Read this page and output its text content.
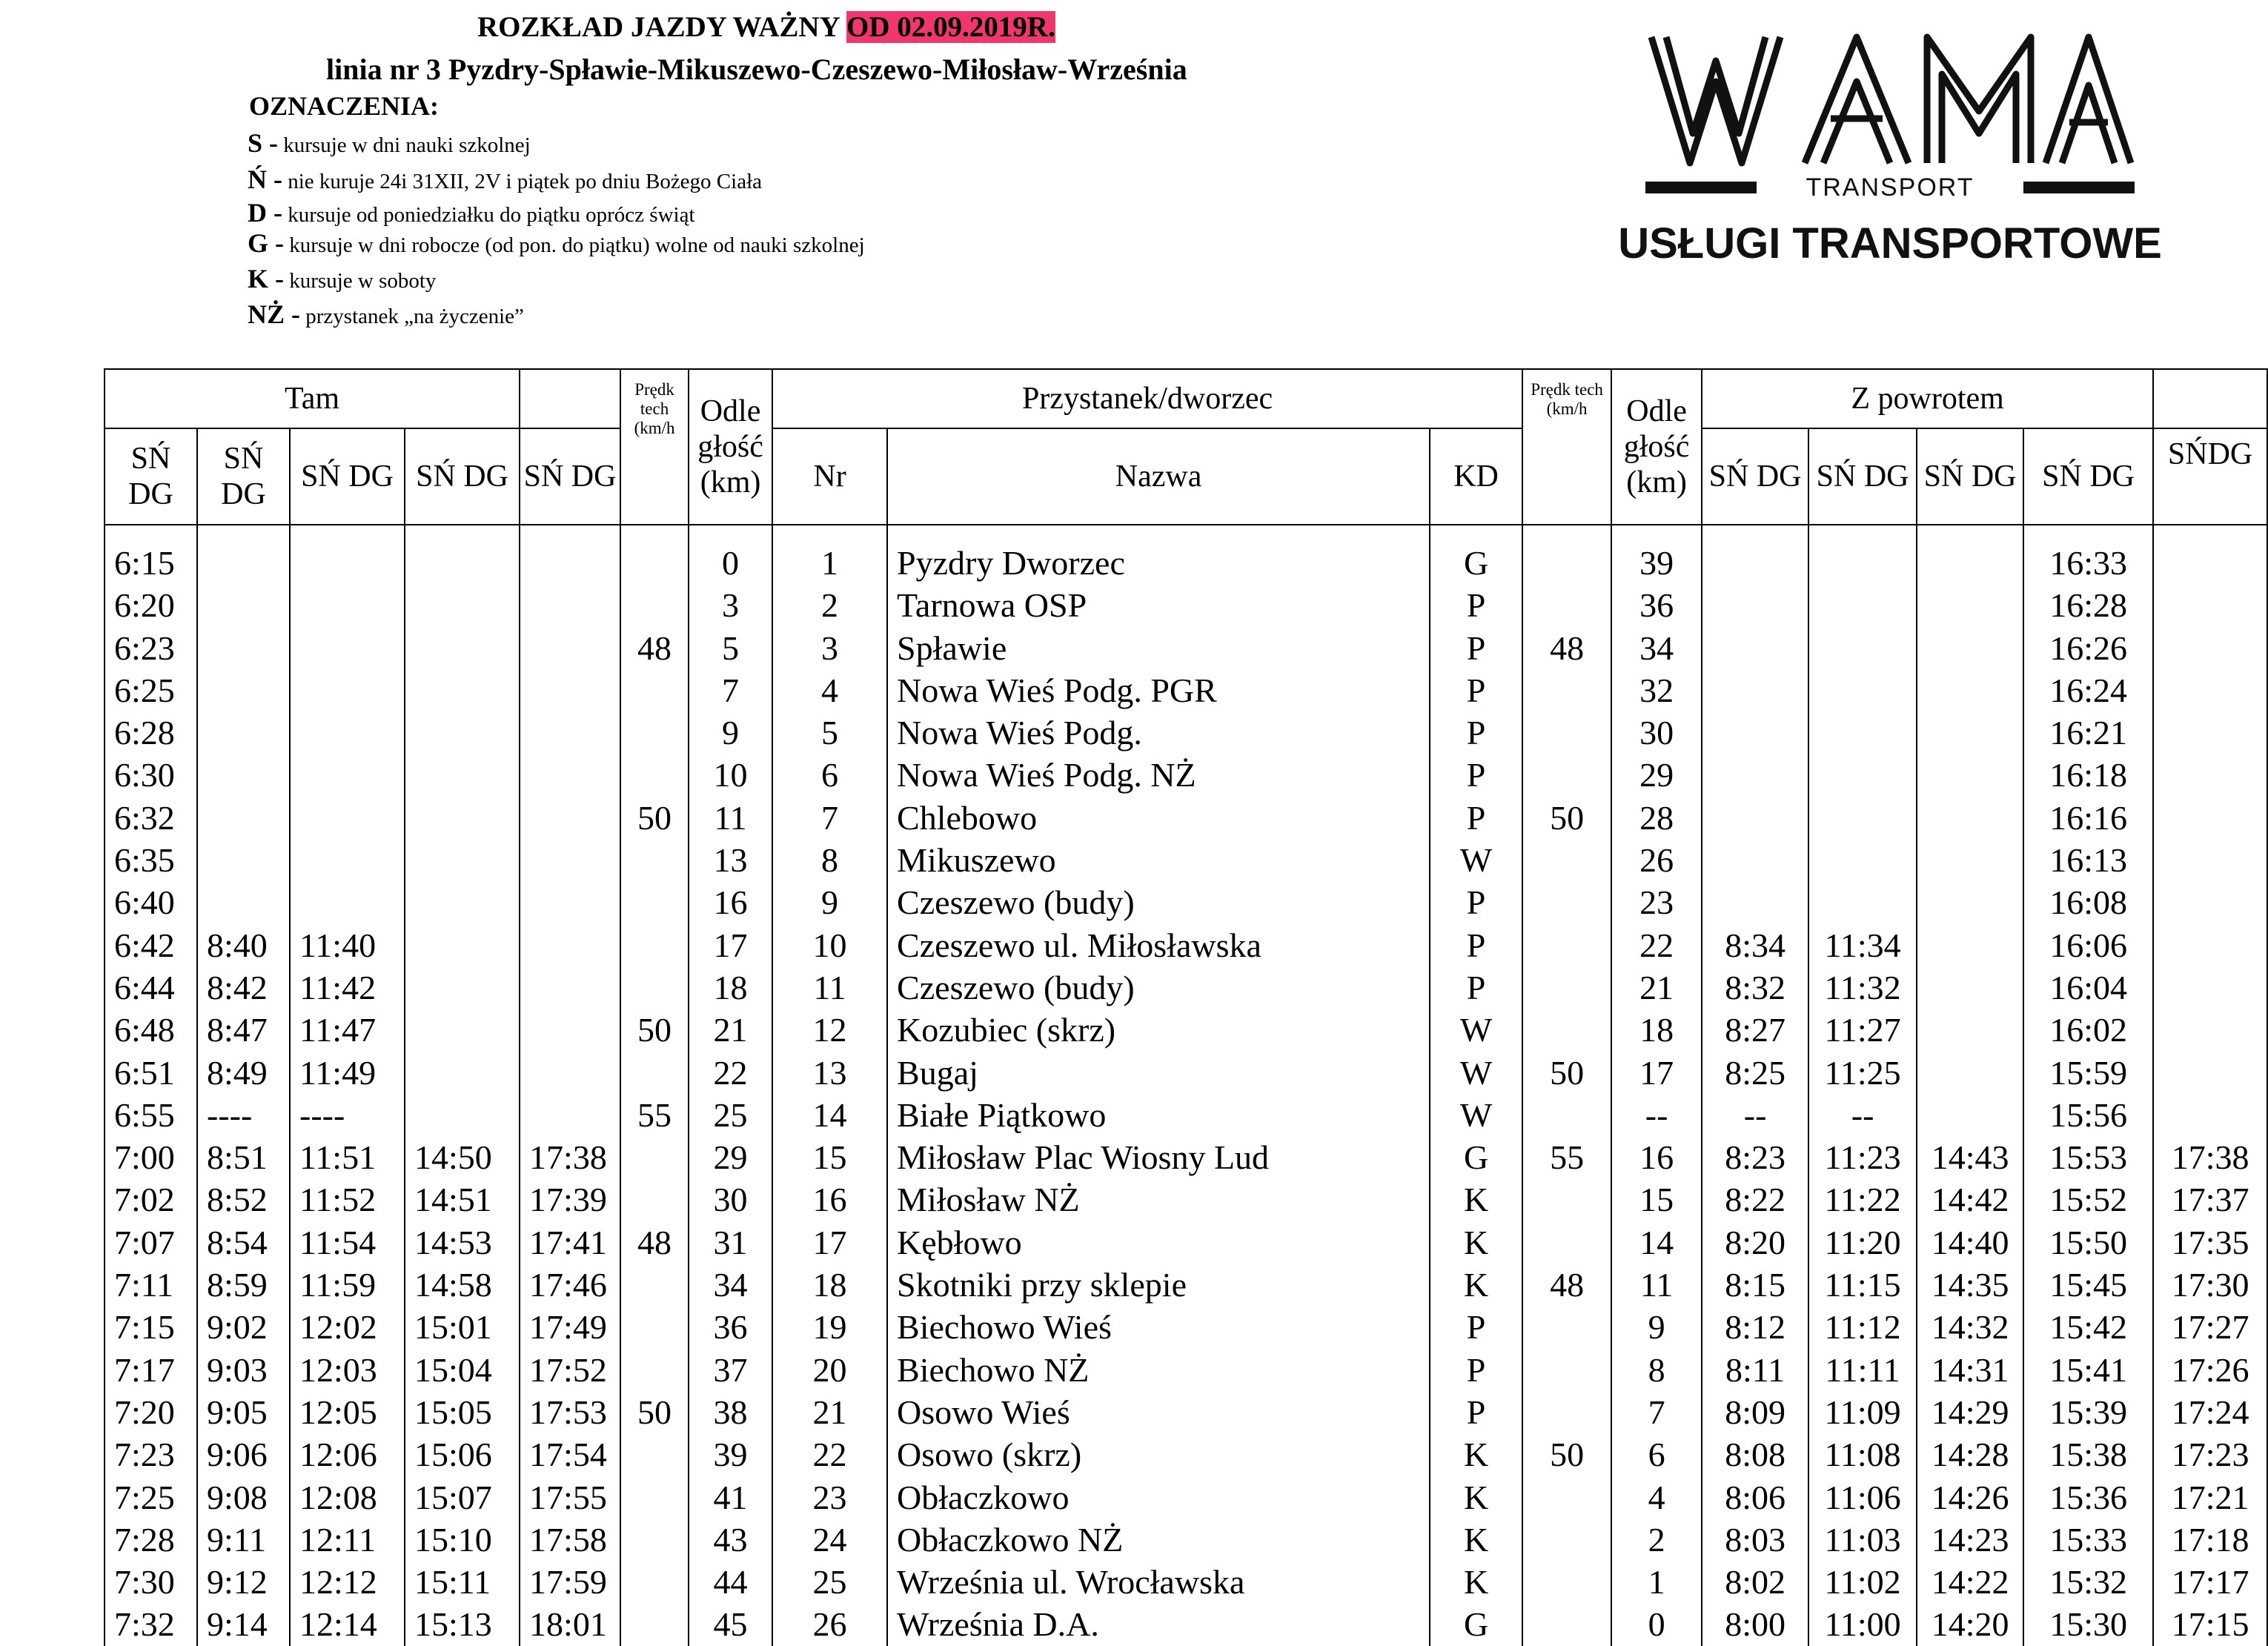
ROZKŁAD JAZDY WAŻNY OD 02.09.2019R.
linia nr 3 Pyzdry-Spławie-Mikuszewo-Czeszewo-Miłosław-Września
OZNACZENIA:
S - kursuje w dni nauki szkolnej
Ń - nie kuruje 24i 31XII, 2V i piątek po dniu Bożego Ciała
D - kursuje od poniedziałku do piątku oprócz świąt
G - kursuje w dni robocze (od pon. do piątku) wolne od nauki szkolnej
K - kursuje w soboty
NŻ - przystanek „na życzenie”
TRANSPORT
USŁUGI TRANSPORTOWE
Tam					Prędk tech (km/h	Odle głość (km)	Przystanek/dworzec			Prędk tech (km/h	Odle głość (km)	Z powrotem				
SŃ DG	SŃ DG	SŃ DG	SŃ DG	SŃ DG			Nr	Nazwa	KD			SŃ DG	SŃ DG	SŃ DG	SŃ DG	SŃDG
6:15						0	1	Pyzdry Dworzec	G		39				16:33	
6:20						3	2	Tarnowa OSP	P		36				16:28	
6:23					48	5	3	Spławie	P	48	34				16:26	
6:25						7	4	Nowa Wieś Podg. PGR	P		32				16:24	
6:28						9	5	Nowa Wieś Podg.	P		30				16:21	
6:30						10	6	Nowa Wieś Podg. NŻ	P		29				16:18	
6:32					50	11	7	Chlebowo	P	50	28				16:16	
6:35						13	8	Mikuszewo	W		26				16:13	
6:40						16	9	Czeszewo (budy)	P		23				16:08	
6:42	8:40	11:40				17	10	Czeszewo ul. Miłosławska	P		22	8:34	11:34		16:06	
6:44	8:42	11:42				18	11	Czeszewo (budy)	P		21	8:32	11:32		16:04	
6:48	8:47	11:47			50	21	12	Kozubiec (skrz)	W		18	8:27	11:27		16:02	
6:51	8:49	11:49				22	13	Bugaj	W	50	17	8:25	11:25		15:59	
6:55	----	----			55	25	14	Białe Piątkowo	W		--	--	--		15:56	
7:00	8:51	11:51	14:50	17:38		29	15	Miłosław Plac Wiosny Lud	G	55	16	8:23	11:23	14:43	15:53	17:38
7:02	8:52	11:52	14:51	17:39		30	16	Miłosław NŻ	K		15	8:22	11:22	14:42	15:52	17:37
7:07	8:54	11:54	14:53	17:41	48	31	17	Kębłowo	K		14	8:20	11:20	14:40	15:50	17:35
7:11	8:59	11:59	14:58	17:46		34	18	Skotniki przy sklepie	K	48	11	8:15	11:15	14:35	15:45	17:30
7:15	9:02	12:02	15:01	17:49		36	19	Biechowo Wieś	P		9	8:12	11:12	14:32	15:42	17:27
7:17	9:03	12:03	15:04	17:52		37	20	Biechowo NŻ	P		8	8:11	11:11	14:31	15:41	17:26
7:20	9:05	12:05	15:05	17:53	50	38	21	Osowo Wieś	P		7	8:09	11:09	14:29	15:39	17:24
7:23	9:06	12:06	15:06	17:54		39	22	Osowo (skrz)	K	50	6	8:08	11:08	14:28	15:38	17:23
7:25	9:08	12:08	15:07	17:55		41	23	Obłaczkowo	K		4	8:06	11:06	14:26	15:36	17:21
7:28	9:11	12:11	15:10	17:58		43	24	Obłaczkowo NŻ	K		2	8:03	11:03	14:23	15:33	17:18
7:30	9:12	12:12	15:11	17:59		44	25	Września ul. Wrocławska	K		1	8:02	11:02	14:22	15:32	17:17
7:32	9:14	12:14	15:13	18:01		45	26	Września D.A.	G		0	8:00	11:00	14:20	15:30	17:15
